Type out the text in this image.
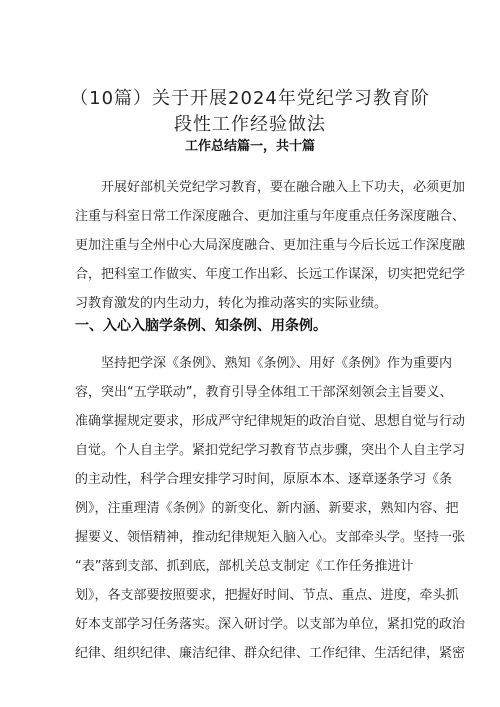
（10篇）关于开展2024年党纪学习教育阶
段性工作经验做法
工作总结篇一，共十篇
开展好部机关党纪学习教育，要在融合融入上下功夫，必须更加
注重与科室日常工作深度融合、更加注重与年度重点任务深度融合、
更加注重与全州中心大局深度融合、更加注重与今后长远工作深度融
合，把科室工作做实、年度工作出彩、长远工作谋深，切实把党纪学
习教育激发的内生动力，转化为推动落实的实际业绩。
一、入心入脑学条例、知条例、用条例。
坚持把学深《条例》、熟知《条例》、用好《条例》作为重要内
容，突出“五学联动”，教育引导全体组工干部深刻领会主旨要义、
准确掌握规定要求，形成严守纪律规矩的政治自觉、思想自觉与行动
自觉。个人自主学。紧扣党纪学习教育节点步骤，突出个人自主学习
的主动性，科学合理安排学习时间，原原本本、逐章逐条学习《条
例》，注重理清《条例》的新变化、新内涵、新要求，熟知内容、把
握要义、领悟精神，推动纪律规矩入脑入心。支部牵头学。坚持一张
“表”落到支部、抓到底，部机关总支制定《工作任务推进计
划》，各支部要按照要求，把握好时间、节点、重点、进度，牵头抓
好本支部学习任务落实。深入研讨学。以支部为单位，紧扣党的政治
纪律、组织纪律、廉洁纪律、群众纪律、工作纪律、生活纪律，紧密
